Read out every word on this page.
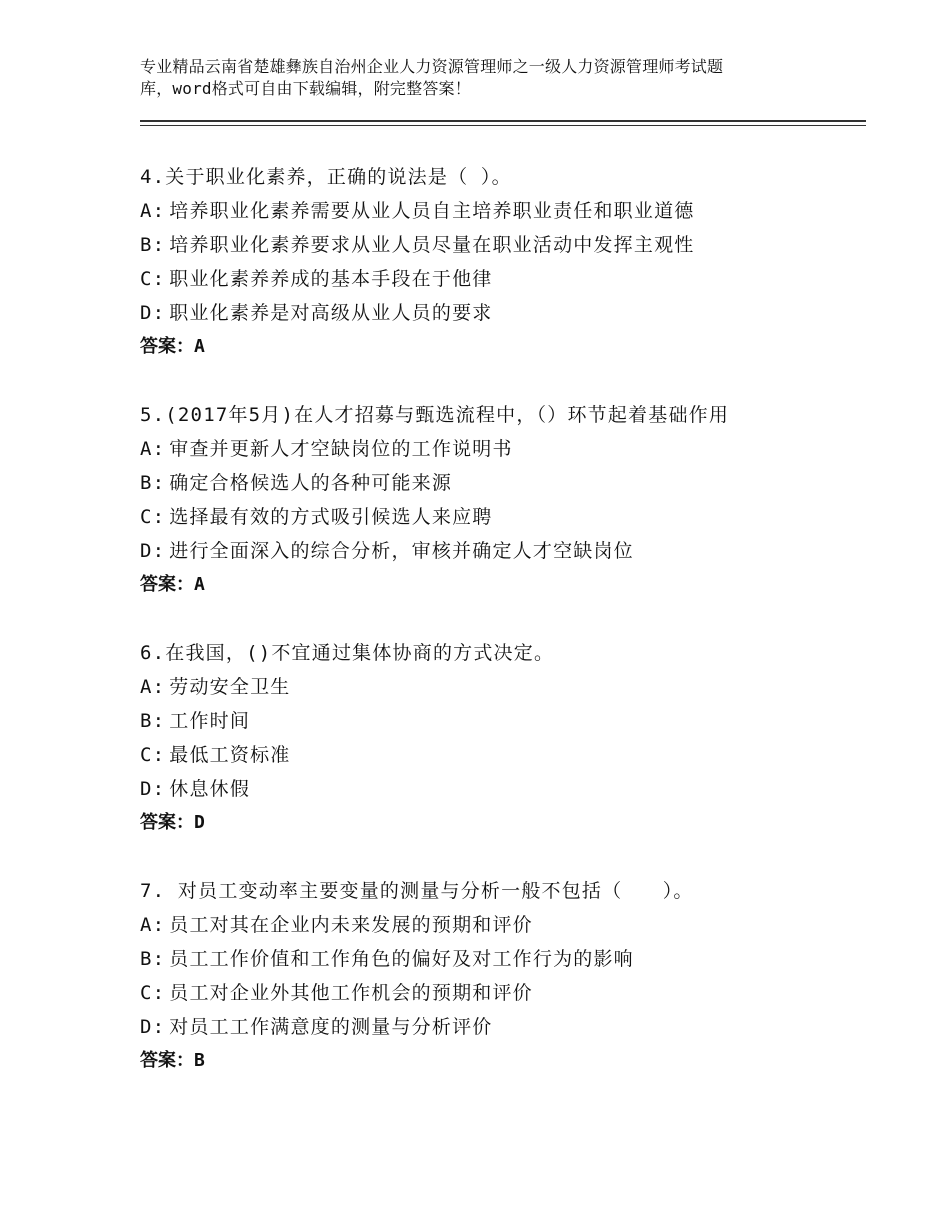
专业精品云南省楚雄彝族自治州企业人力资源管理师之一级人力资源管理师考试题
库，word格式可自由下载编辑，附完整答案！
4.关于职业化素养，正确的说法是（ ）。
A: 培养职业化素养需要从业人员自主培养职业责任和职业道德
B: 培养职业化素养要求从业人员尽量在职业活动中发挥主观性
C: 职业化素养养成的基本手段在于他律
D: 职业化素养是对高级从业人员的要求
答案：A
5.(2017年5月)在人才招募与甄选流程中，（）环节起着基础作用
A: 审查并更新人才空缺岗位的工作说明书
B: 确定合格候选人的各种可能来源
C: 选择最有效的方式吸引候选人来应聘
D: 进行全面深入的综合分析，审核并确定人才空缺岗位
答案：A
6.在我国，()不宜通过集体协商的方式决定。
A: 劳动安全卫生
B: 工作时间
C: 最低工资标准
D: 休息休假
答案：D
7. 对员工变动率主要变量的测量与分析一般不包括（　　）。
A: 员工对其在企业内未来发展的预期和评价
B: 员工工作价值和工作角色的偏好及对工作行为的影响
C: 员工对企业外其他工作机会的预期和评价
D: 对员工工作满意度的测量与分析评价
答案：B
